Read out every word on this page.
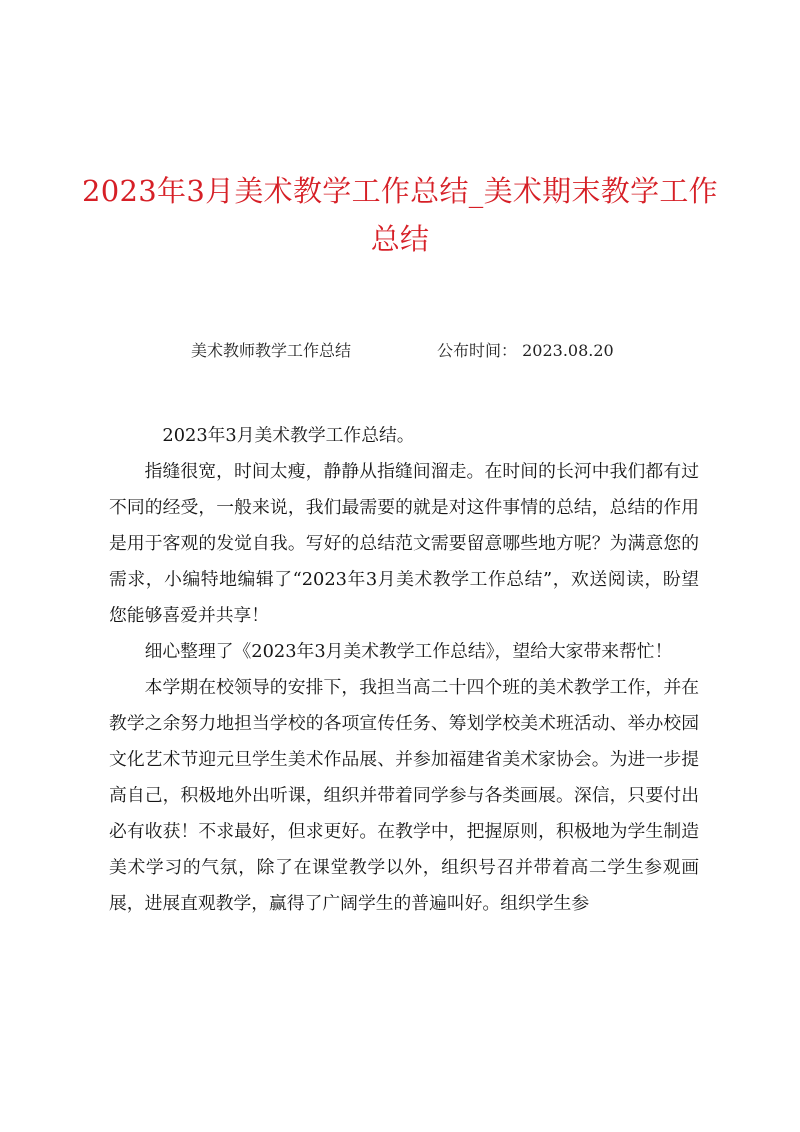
2023年3月美术教学工作总结_美术期末教学工作总结
美术教师教学工作总结	公布时间： 2023.08.20

2023年3月美术教学工作总结。

指缝很宽，时间太瘦，静静从指缝间溜走。在时间的长河中我们都有过不同的经受，一般来说，我们最需要的就是对这件事情的总结，总结的作用是用于客观的发觉自我。写好的总结范文需要留意哪些地方呢？为满意您的需求，小编特地编辑了“2023年3月美术教学工作总结”，欢送阅读，盼望您能够喜爱并共享！

细心整理了《2023年3月美术教学工作总结》，望给大家带来帮忙！

本学期在校领导的安排下，我担当高二十四个班的美术教学工作，并在教学之余努力地担当学校的各项宣传任务、筹划学校美术班活动、举办校园文化艺术节迎元旦学生美术作品展、并参加福建省美术家协会。为进一步提高自己，积极地外出听课，组织并带着同学参与各类画展。深信，只要付出必有收获！不求最好，但求更好。在教学中，把握原则，积极地为学生制造美术学习的气氛，除了在课堂教学以外，组织号召并带着高二学生参观画展，进展直观教学，赢得了广阔学生的普遍叫好。组织学生参
